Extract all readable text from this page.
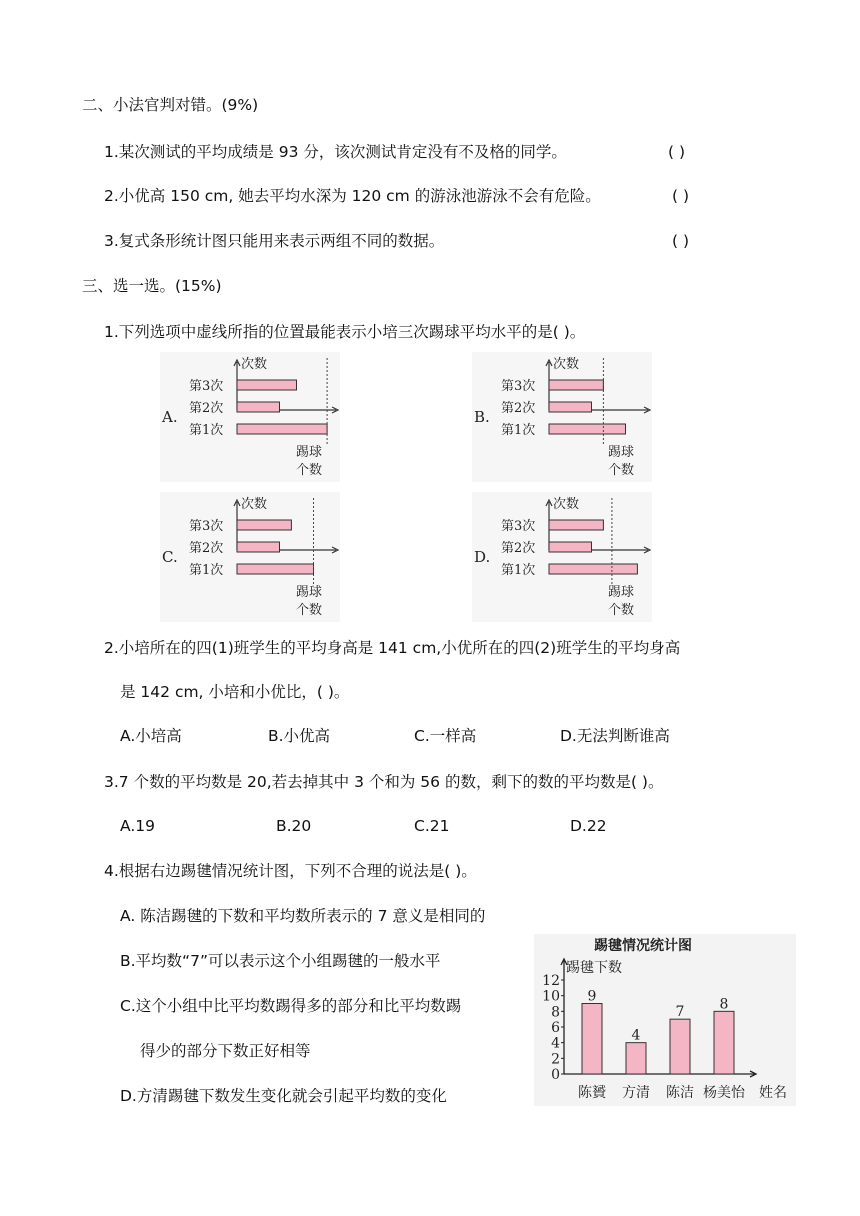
二、小法官判对错。(9%)
1.某次测试的平均成绩是 93 分，该次测试肯定没有不及格的同学。	( )
2.小优高 150 cm, 她去平均水深为 120 cm 的游泳池游泳不会有危险。	( )
3.复式条形统计图只能用来表示两组不同的数据。	( )
三、选一选。(15%)
1.下列选项中虚线所指的位置最能表示小培三次踢球平均水平的是( )。
次数
踢球
个数
A.
第3次
第2次
第1次
次数
踢球
个数
B.
第3次
第2次
第1次
次数
踢球
个数
C.
第3次
第2次
第1次
次数
踢球
个数
D.
第3次
第2次
第1次
2.小培所在的四(1)班学生的平均身高是 141 cm,小优所在的四(2)班学生的平均身高
是 142 cm, 小培和小优比，( )。
A.小培高	B.小优高	C.一样高	D.无法判断谁高
3.7 个数的平均数是 20,若去掉其中 3 个和为 56 的数，剩下的数的平均数是( )。
A.19	B.20	C.21	D.22
4.根据右边踢毽情况统计图，下列不合理的说法是( )。
A. 陈洁踢毽的下数和平均数所表示的 7 意义是相同的
B.平均数“7”可以表示这个小组踢毽的一般水平
C.这个小组中比平均数踢得多的部分和比平均数踢
得少的部分下数正好相等
D.方清踢毽下数发生变化就会引起平均数的变化
踢毽情况统计图
踢毽下数
0
2
4
6
8
10
12
9
陈贇
4
方清
7
陈洁
8
杨美怡 姓名
